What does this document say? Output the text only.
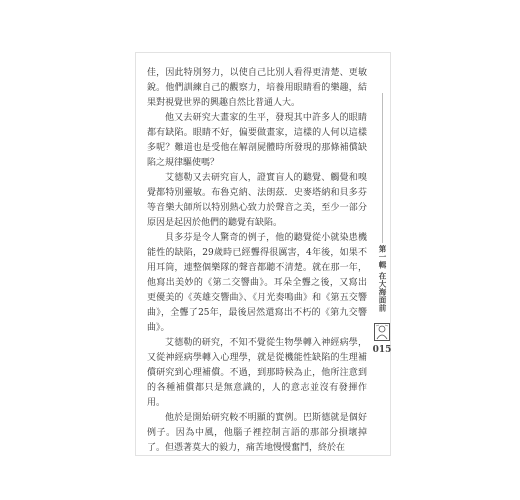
佳，因此特別努力，以使自己比別人看得更清楚、更敏銳。他們訓練自己的觀察力，培養用眼睛看的樂趣，結果對視覺世界的興趣自然比普通人大。

他又去研究大畫家的生平，發現其中許多人的眼睛都有缺陷。眼睛不好，偏要做畫家，這樣的人何以這樣多呢？難道也是受他在解剖屍體時所發現的那條補償缺陷之規律驅使嗎？

艾德勒又去研究盲人，證實盲人的聽覺、觸覺和嗅覺都特別靈敏。布魯克納、法朗茲．史麥塔納和貝多芬等音樂大師所以特別熱心致力於聲音之美，至少一部分原因是起因於他們的聽覺有缺陷。

貝多芬是令人驚奇的例子，他的聽覺從小就染患機能性的缺陷，29歲時已經聾得很厲害，4年後，如果不用耳筒，連整個樂隊的聲音都聽不清楚。就在那一年，他寫出美妙的《第二交響曲》。耳朵全聾之後，又寫出更優美的《英雄交響曲》、《月光奏鳴曲》和《第五交響曲》，全聾了25年，最後居然還寫出不朽的《第九交響曲》。

艾德勒的研究，不知不覺從生物學轉入神經病學，又從神經病學轉入心理學，就是從機能性缺陷的生理補償研究到心理補償。不過，到那時候為止，他所注意到的各種補償都只是無意識的，人的意志並沒有發揮作用。

他於是開始研究較不明顯的實例。巴斯德就是個好例子。因為中風，他腦子裡控制言語的那部分損壞掉了。但憑著莫大的毅力，痛苦地慢慢奮鬥，終於在

第一輯 在大海面前
015
